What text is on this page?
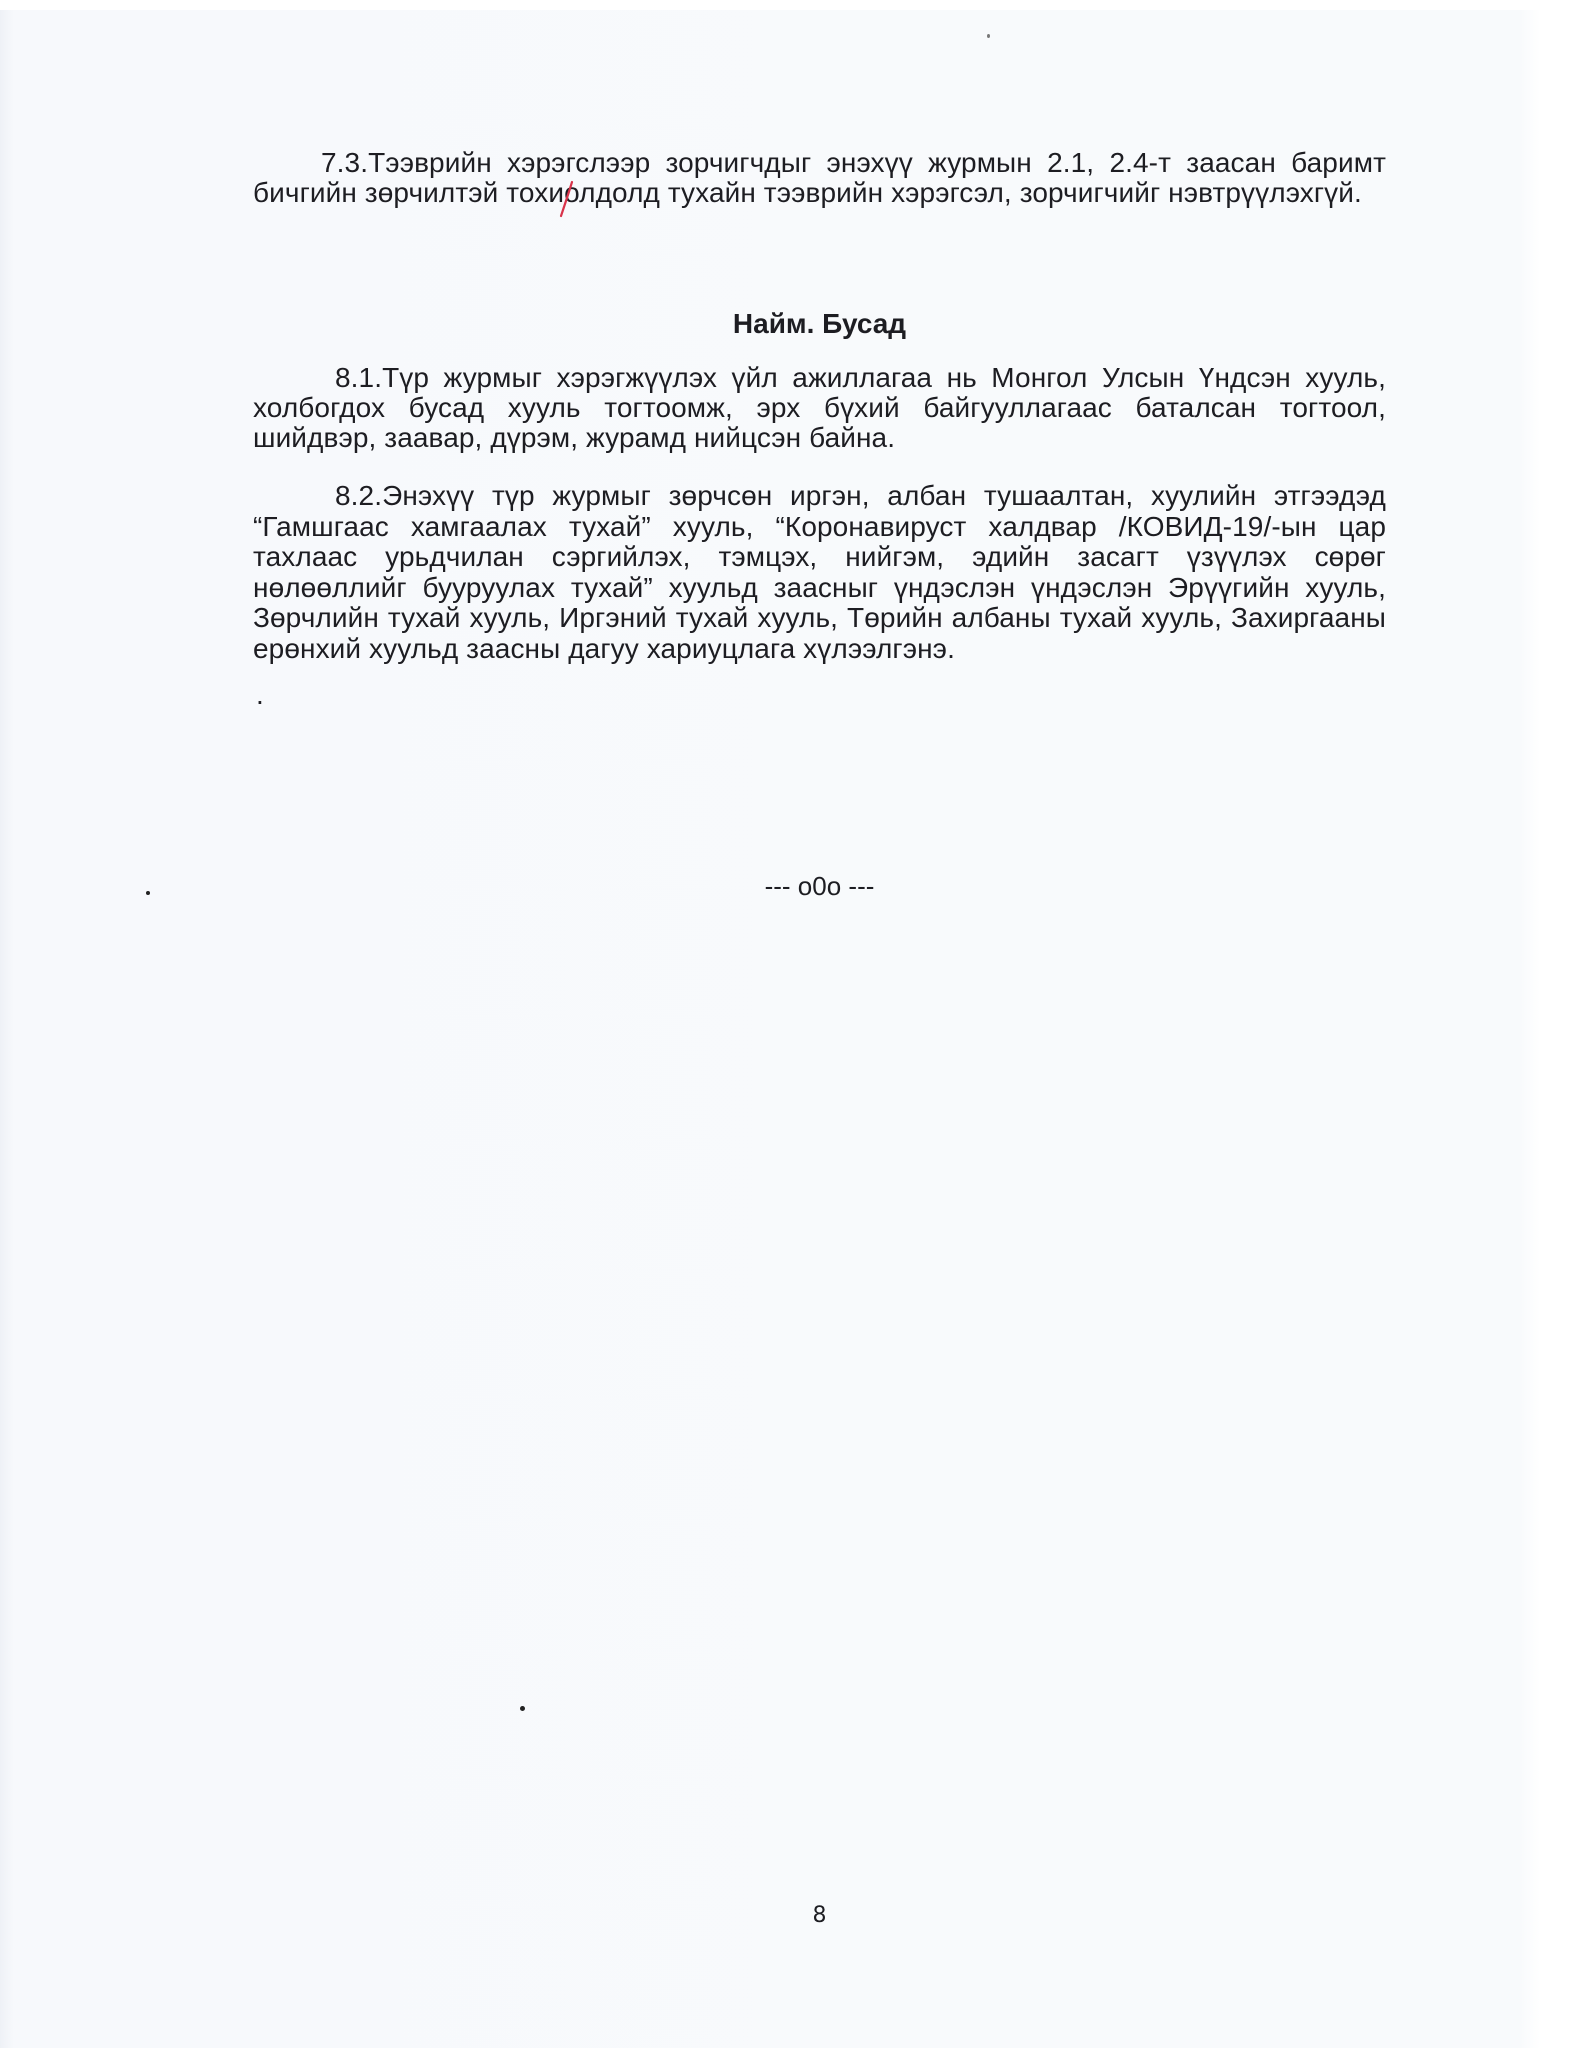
7.3.Тээврийн хэрэгслээр зорчигчдыг энэхүү журмын 2.1, 2.4-т заасан баримт бичгийн зөрчилтэй тохиолдолд тухайн тээврийн хэрэгсэл, зорчигчийг нэвтрүүлэхгүй.

Найм. Бусад

8.1.Түр журмыг хэрэгжүүлэх үйл ажиллагаа нь Монгол Улсын Үндсэн хууль, холбогдох бусад хууль тогтоомж, эрх бүхий байгууллагаас баталсан тогтоол, шийдвэр, заавар, дүрэм, журамд нийцсэн байна.

8.2.Энэхүү түр журмыг зөрчсөн иргэн, албан тушаалтан, хуулийн этгээдэд “Гамшгаас хамгаалах тухай” хууль, “Коронавируст халдвар /КОВИД-19/-ын цар тахлаас урьдчилан сэргийлэх, тэмцэх, нийгэм, эдийн засагт үзүүлэх сөрөг нөлөөллийг бууруулах тухай” хуульд заасныг үндэслэн үндэслэн Эрүүгийн хууль, Зөрчлийн тухай хууль, Иргэний тухай хууль, Төрийн албаны тухай хууль, Захиргааны ерөнхий хуульд заасны дагуу хариуцлага хүлээлгэнэ.

.

--- o0o ---

8
